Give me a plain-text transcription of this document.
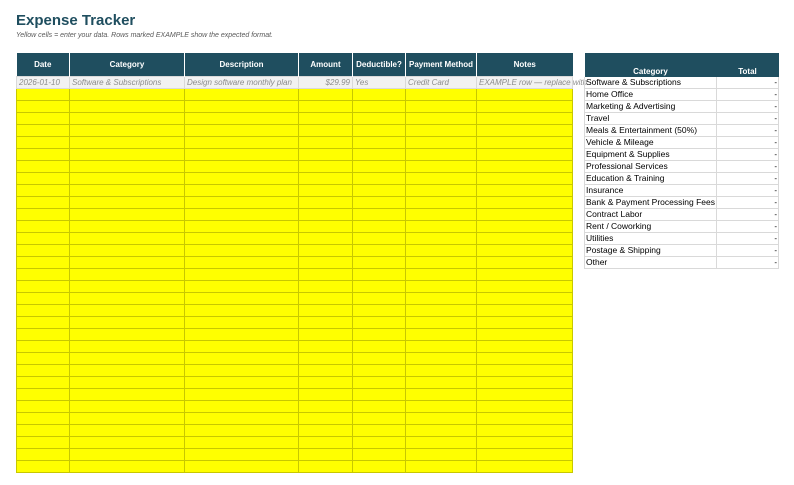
Expense Tracker
Yellow cells = enter your data. Rows marked EXAMPLE show the expected format.
Date	Category	Description	Amount	Deductible?	Payment Method	Notes
2026-01-10	Software & Subscriptions	Design software monthly plan	$29.99	Yes	Credit Card	EXAMPLE row — replace with

Category	Total
Software & Subscriptions	-
Home Office	-
Marketing & Advertising	-
Travel	-
Meals & Entertainment (50%)	-
Vehicle & Mileage	-
Equipment & Supplies	-
Professional Services	-
Education & Training	-
Insurance	-
Bank & Payment Processing Fees	-
Contract Labor	-
Rent / Coworking	-
Utilities	-
Postage & Shipping	-
Other	-
